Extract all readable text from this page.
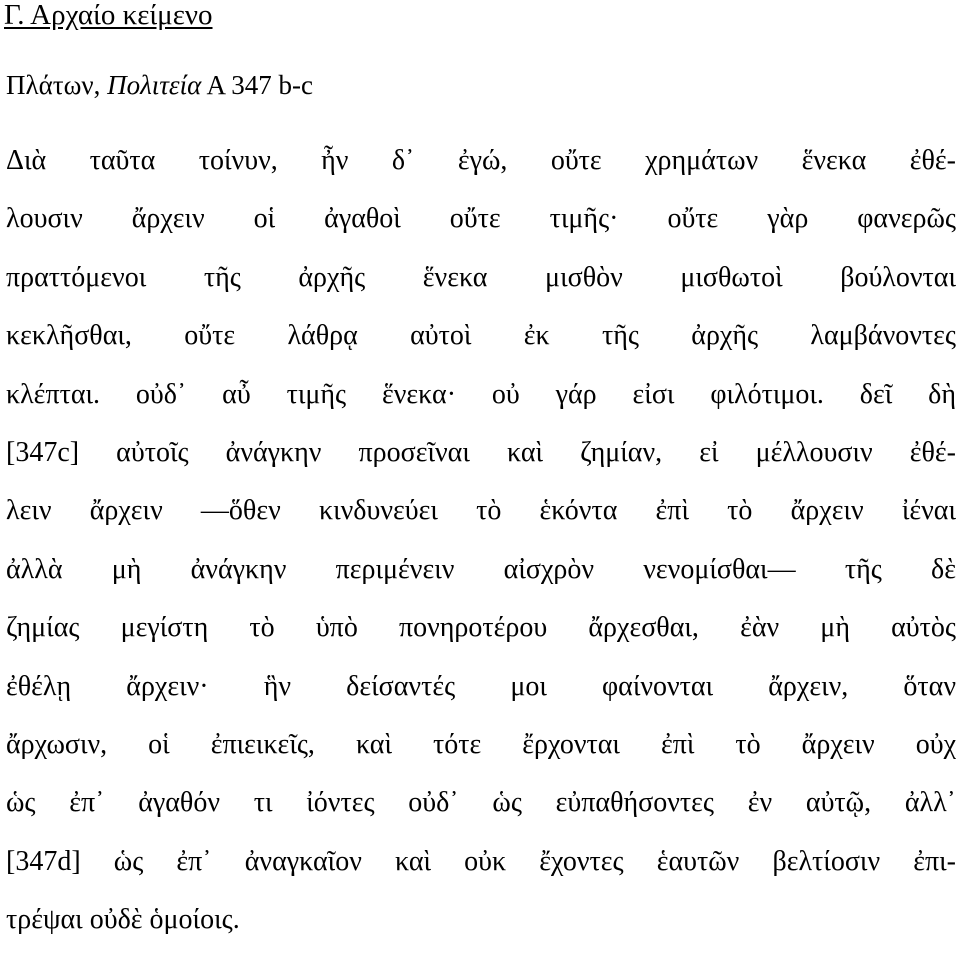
Γ. Αρχαίο κείμενο
Πλάτων, Πολιτεία Α 347 b-c
Διὰ ταῦτα τοίνυν, ἦν δ᾽ ἐγώ, οὔτε χρημάτων ἕνεκα ἐθέ-
λουσιν ἄρχειν οἱ ἀγαθοὶ οὔτε τιμῆς· οὔτε γὰρ φανερῶς
πραττόμενοι τῆς ἀρχῆς ἕνεκα μισθὸν μισθωτοὶ βούλονται
κεκλῆσθαι, οὔτε λάθρᾳ αὐτοὶ ἐκ τῆς ἀρχῆς λαμβάνοντες
κλέπται. οὐδ᾽ αὖ τιμῆς ἕνεκα· οὐ γάρ εἰσι φιλότιμοι. δεῖ δὴ
[347c] αὐτοῖς ἀνάγκην προσεῖναι καὶ ζημίαν, εἰ μέλλουσιν ἐθέ-
λειν ἄρχειν —ὅθεν κινδυνεύει τὸ ἑκόντα ἐπὶ τὸ ἄρχειν ἰέναι
ἀλλὰ μὴ ἀνάγκην περιμένειν αἰσχρὸν νενομίσθαι— τῆς δὲ
ζημίας μεγίστη τὸ ὑπὸ πονηροτέρου ἄρχεσθαι, ἐὰν μὴ αὐτὸς
ἐθέλῃ ἄρχειν· ἣν δείσαντές μοι φαίνονται ἄρχειν, ὅταν
ἄρχωσιν, οἱ ἐπιεικεῖς, καὶ τότε ἔρχονται ἐπὶ τὸ ἄρχειν οὐχ
ὡς ἐπ᾽ ἀγαθόν τι ἰόντες οὐδ᾽ ὡς εὐπαθήσοντες ἐν αὐτῷ, ἀλλ᾽
[347d] ὡς ἐπ᾽ ἀναγκαῖον καὶ οὐκ ἔχοντες ἑαυτῶν βελτίοσιν ἐπι-
τρέψαι οὐδὲ ὁμοίοις.
